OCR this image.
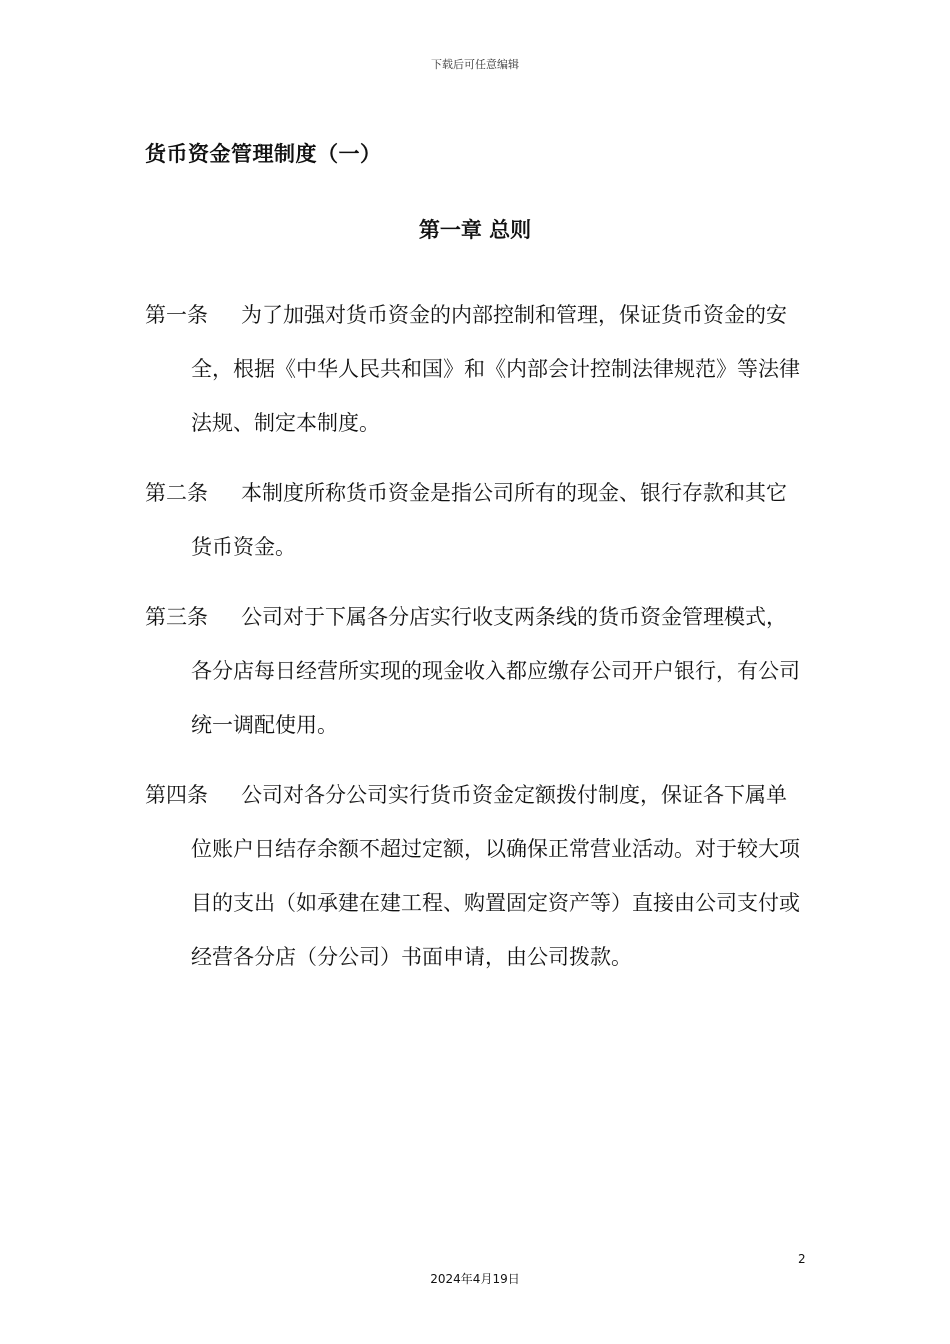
下载后可任意编辑
货币资金管理制度（一）
第一章 总则
第一条 为了加强对货币资金的内部控制和管理，保证货币资金的安全，根据《中华人民共和国》和《内部会计控制法律规范》等法律法规、制定本制度。
第二条 本制度所称货币资金是指公司所有的现金、银行存款和其它货币资金。
第三条 公司对于下属各分店实行收支两条线的货币资金管理模式，各分店每日经营所实现的现金收入都应缴存公司开户银行，有公司统一调配使用。
第四条 公司对各分公司实行货币资金定额拨付制度，保证各下属单位账户日结存余额不超过定额，以确保正常营业活动。对于较大项目的支出（如承建在建工程、购置固定资产等）直接由公司支付或经营各分店（分公司）书面申请，由公司拨款。
2
2024年4月19日
